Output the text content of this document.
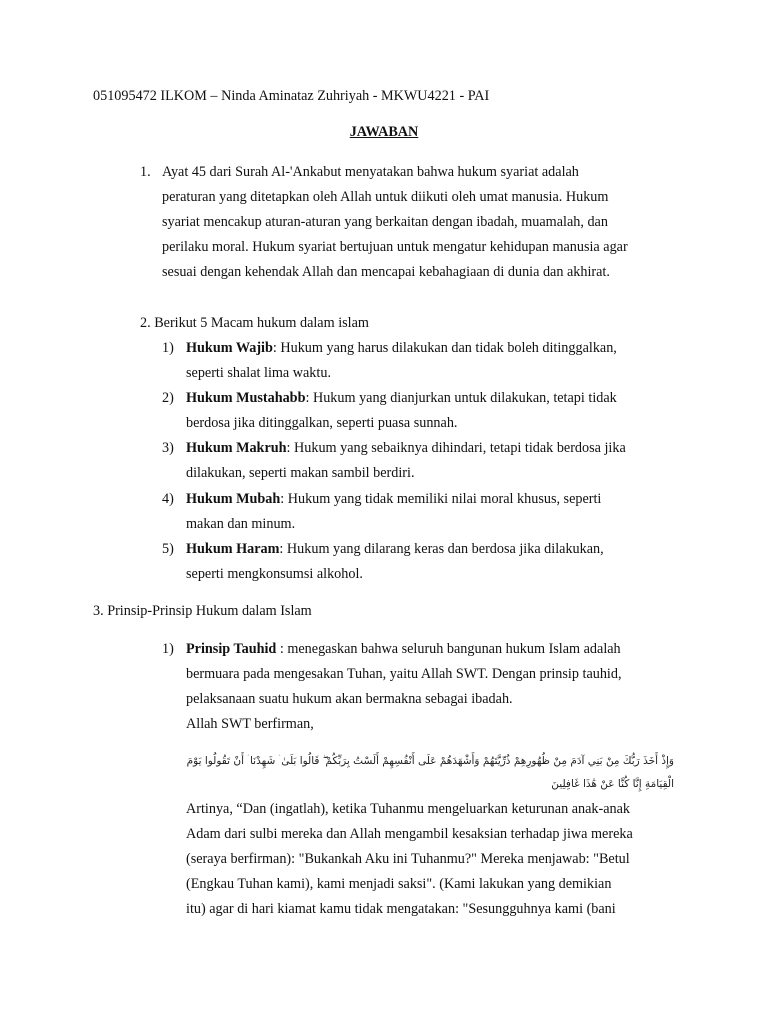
051095472 ILKOM – Ninda Aminataz Zuhriyah - MKWU4221 - PAI
JAWABAN
1. Ayat 45 dari Surah Al-'Ankabut menyatakan bahwa hukum syariat adalah
peraturan yang ditetapkan oleh Allah untuk diikuti oleh umat manusia. Hukum
syariat mencakup aturan-aturan yang berkaitan dengan ibadah, muamalah, dan
perilaku moral. Hukum syariat bertujuan untuk mengatur kehidupan manusia agar
sesuai dengan kehendak Allah dan mencapai kebahagiaan di dunia dan akhirat.
2. Berikut 5 Macam hukum dalam islam
1) Hukum Wajib: Hukum yang harus dilakukan dan tidak boleh ditinggalkan,
seperti shalat lima waktu.
2) Hukum Mustahabb: Hukum yang dianjurkan untuk dilakukan, tetapi tidak
berdosa jika ditinggalkan, seperti puasa sunnah.
3) Hukum Makruh: Hukum yang sebaiknya dihindari, tetapi tidak berdosa jika
dilakukan, seperti makan sambil berdiri.
4) Hukum Mubah: Hukum yang tidak memiliki nilai moral khusus, seperti
makan dan minum.
5) Hukum Haram: Hukum yang dilarang keras dan berdosa jika dilakukan,
seperti mengkonsumsi alkohol.
3. Prinsip-Prinsip Hukum dalam Islam
1) Prinsip Tauhid : menegaskan bahwa seluruh bangunan hukum Islam adalah
bermuara pada mengesakan Tuhan, yaitu Allah SWT. Dengan prinsip tauhid,
pelaksanaan suatu hukum akan bermakna sebagai ibadah.
Allah SWT berfirman,
وَإِذْ أَخَذَ رَبُّكَ مِنْ بَنِي آدَمَ مِنْ ظُهُورِهِمْ ذُرِّيَّتَهُمْ وَأَشْهَدَهُمْ عَلَى أَنْفُسِهِمْ أَلَسْتُ بِرَبِّكُمْ ۖ قَالُوا بَلَىٰ ۛ شَهِدْنَا ۛ أَنْ تَقُولُوا يَوْمَ الْقِيَامَةِ إِنَّا كُنَّا عَنْ هَٰذَا غَافِلِينَ
Artinya, “Dan (ingatlah), ketika Tuhanmu mengeluarkan keturunan anak-anak
Adam dari sulbi mereka dan Allah mengambil kesaksian terhadap jiwa mereka
(seraya berfirman): "Bukankah Aku ini Tuhanmu?" Mereka menjawab: "Betul
(Engkau Tuhan kami), kami menjadi saksi". (Kami lakukan yang demikian
itu) agar di hari kiamat kamu tidak mengatakan: "Sesungguhnya kami (bani
